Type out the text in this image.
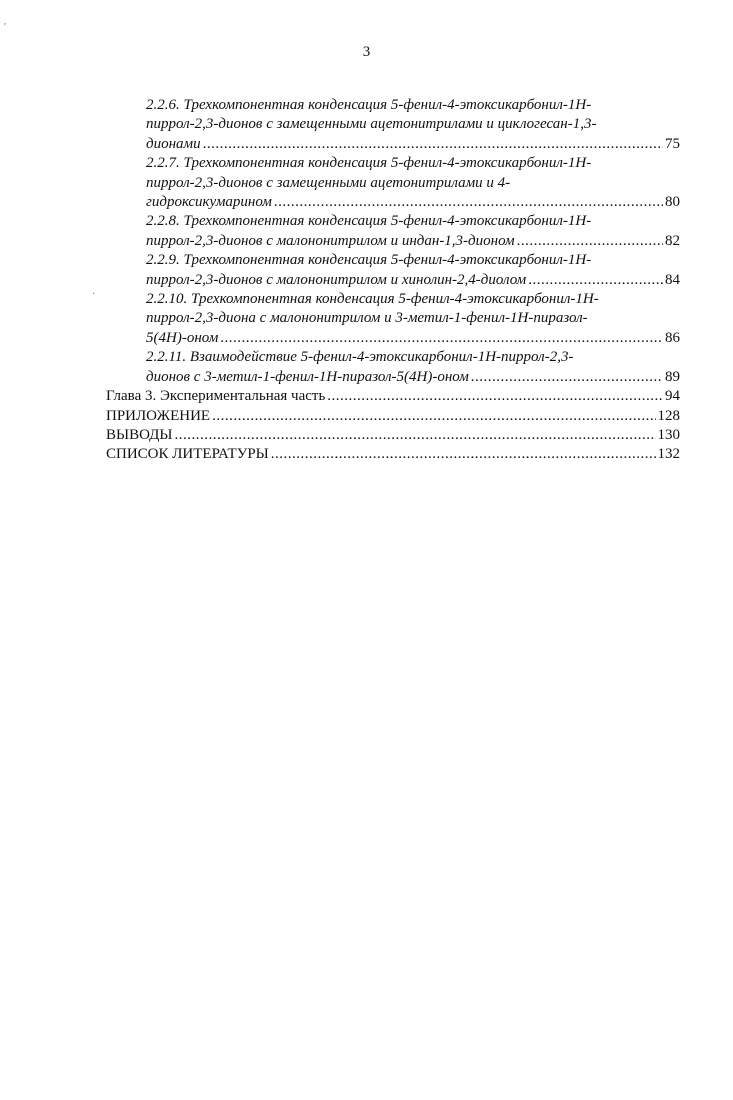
3
′
·
2.2.6. Трехкомпонентная конденсация 5-фенил-4-этоксикарбонил-1Н-
пиррол-2,3-дионов с замещенными ацетонитрилами и циклогесан-1,3-
дионами .....	75
2.2.7. Трехкомпонентная конденсация 5-фенил-4-этоксикарбонил-1Н-
пиррол-2,3-дионов с замещенными ацетонитрилами и 4-
гидроксикумарином .....	80
2.2.8. Трехкомпонентная конденсация 5-фенил-4-этоксикарбонил-1Н-
пиррол-2,3-дионов с малононитрилом и индан-1,3-дионом .....	82
2.2.9. Трехкомпонентная конденсация 5-фенил-4-этоксикарбонил-1Н-
пиррол-2,3-дионов с малононитрилом и хинолин-2,4-диолом .....	84
2.2.10. Трехкомпонентная конденсация 5-фенил-4-этоксикарбонил-1Н-
пиррол-2,3-диона с малононитрилом и 3-метил-1-фенил-1Н-пиразол-
5(4Н)-оном .....	86
2.2.11. Взаимодействие 5-фенил-4-этоксикарбонил-1Н-пиррол-2,3-
дионов с 3-метил-1-фенил-1Н-пиразол-5(4Н)-оном .....	89
Глава 3. Экспериментальная часть .....	94
ПРИЛОЖЕНИЕ .....	128
ВЫВОДЫ .....	130
СПИСОК ЛИТЕРАТУРЫ .....	132
